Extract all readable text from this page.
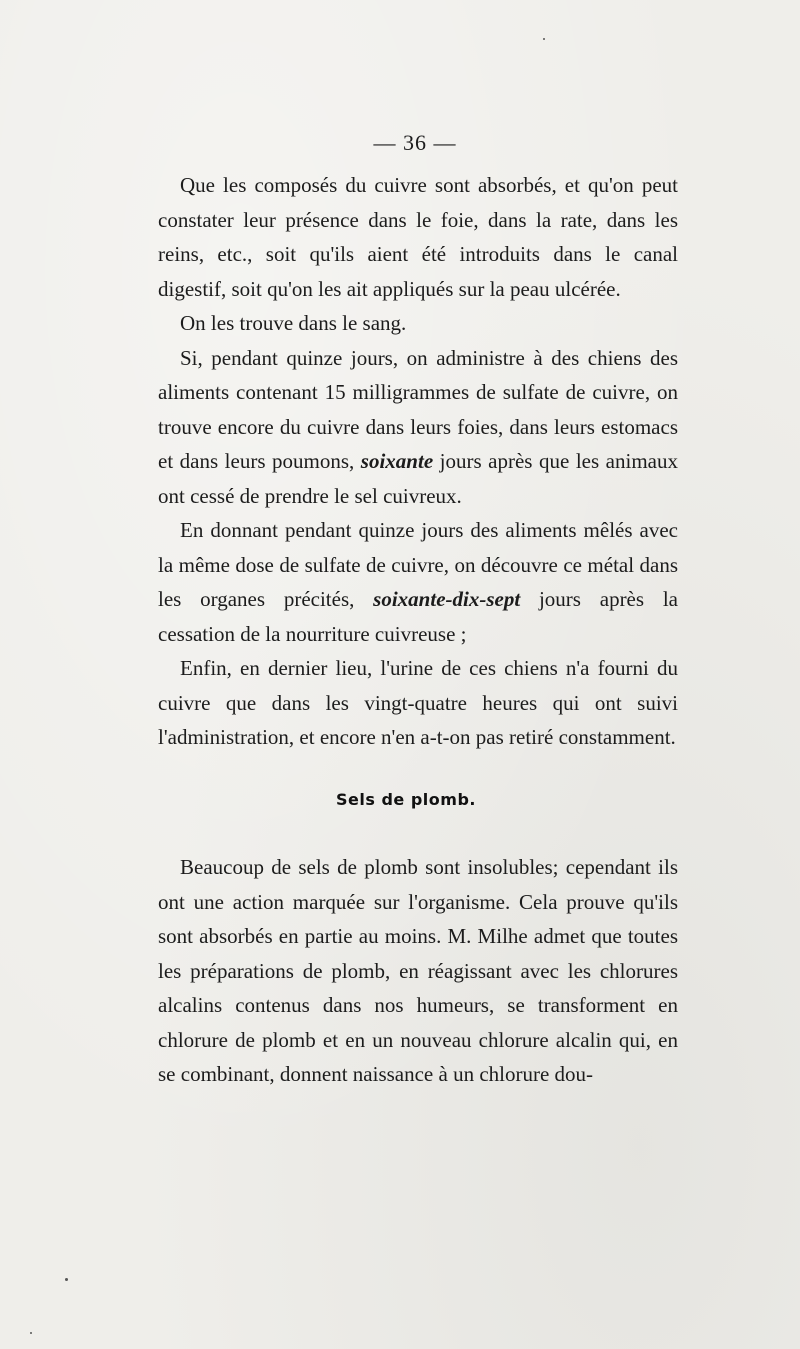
— 36 —

Que les composés du cuivre sont absorbés, et qu'on peut constater leur présence dans le foie, dans la rate, dans les reins, etc., soit qu'ils aient été introduits dans le canal digestif, soit qu'on les ait appliqués sur la peau ulcérée.

On les trouve dans le sang.

Si, pendant quinze jours, on administre à des chiens des aliments contenant 15 milligrammes de sulfate de cuivre, on trouve encore du cuivre dans leurs foies, dans leurs estomacs et dans leurs poumons, soixante jours après que les animaux ont cessé de prendre le sel cuivreux.

En donnant pendant quinze jours des aliments mêlés avec la même dose de sulfate de cuivre, on découvre ce métal dans les organes précités, soixante-dix-sept jours après la cessation de la nourriture cuivreuse ;

Enfin, en dernier lieu, l'urine de ces chiens n'a fourni du cuivre que dans les vingt-quatre heures qui ont suivi l'administration, et encore n'en a-t-on pas retiré constamment.

Sels de plomb.

Beaucoup de sels de plomb sont insolubles; cependant ils ont une action marquée sur l'organisme. Cela prouve qu'ils sont absorbés en partie au moins. M. Milhe admet que toutes les préparations de plomb, en réagissant avec les chlorures alcalins contenus dans nos humeurs, se transforment en chlorure de plomb et en un nouveau chlorure alcalin qui, en se combinant, donnent naissance à un chlorure dou-
